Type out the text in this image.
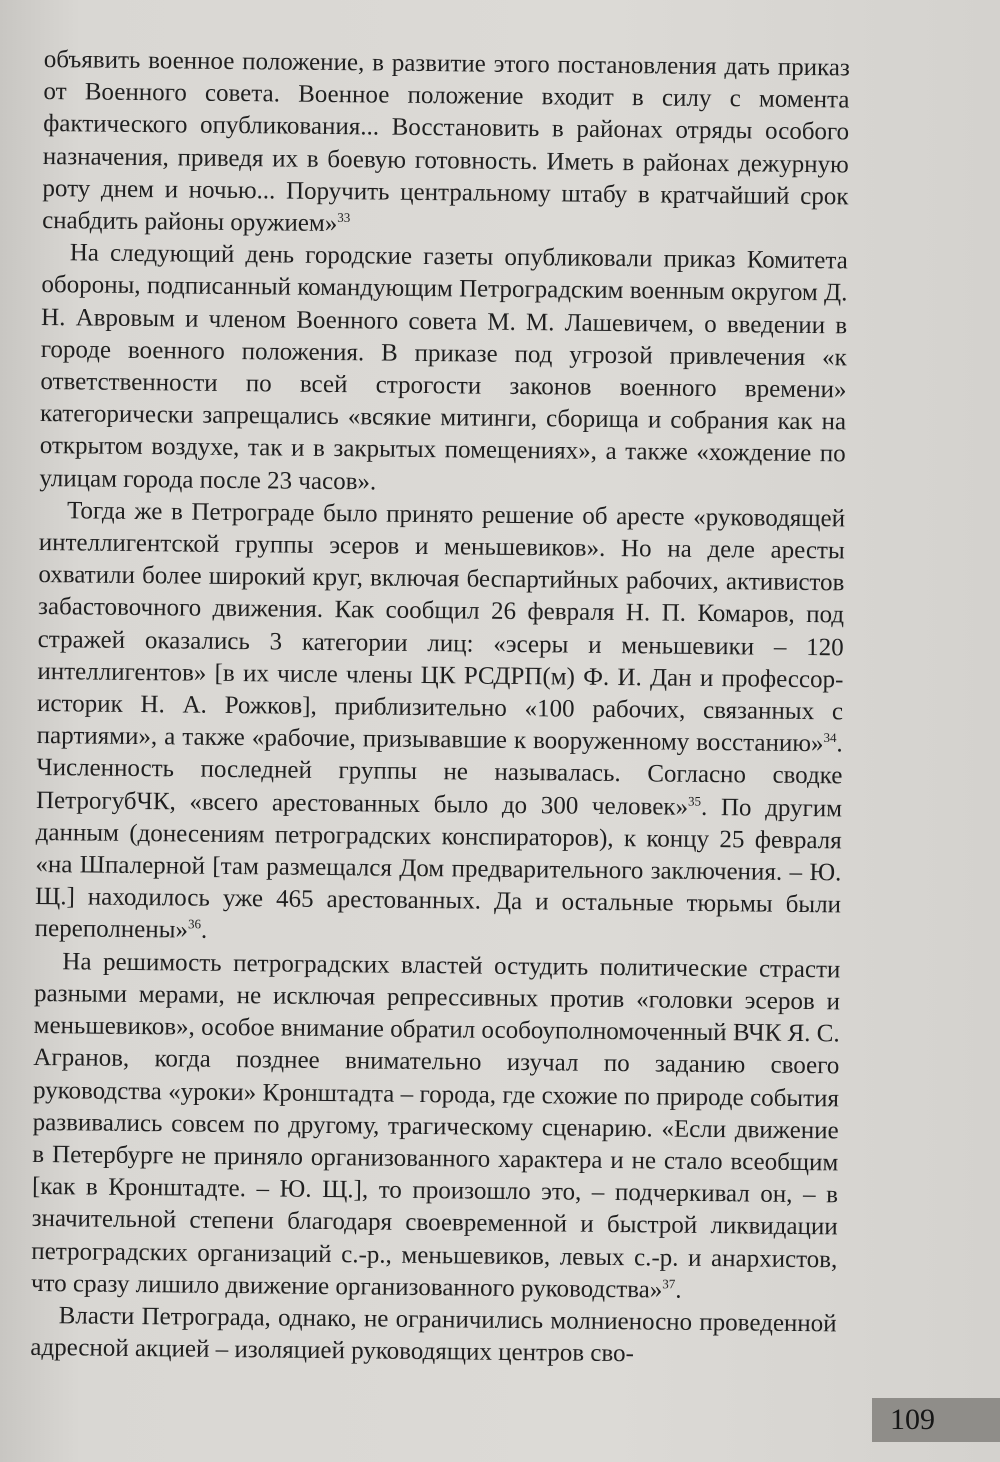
объявить военное положение, в развитие этого постановления дать приказ от Военного совета. Военное положение входит в силу с момента фактического опубликования... Восстановить в районах отряды особого назначения, приведя их в боевую готовность. Иметь в районах дежурную роту днем и ночью... Поручить центральному штабу в кратчайший срок снабдить районы оружием»$^{33}$

На следующий день городские газеты опубликовали приказ Комитета обороны, подписанный командующим Петроградским военным округом Д. Н. Авровым и членом Военного совета М. М. Лашевичем, о введении в городе военного положения. В приказе под угрозой привлечения «к ответственности по всей строгости законов военного времени» категорически запрещались «всякие митинги, сборища и собрания как на открытом воздухе, так и в закрытых помещениях», а также «хождение по улицам города после 23 часов».

Тогда же в Петрограде было принято решение об аресте «руководящей интеллигентской группы эсеров и меньшевиков». Но на деле аресты охватили более широкий круг, включая беспартийных рабочих, активистов забастовочного движения. Как сообщил 26 февраля Н. П. Комаров, под стражей оказались 3 категории лиц: «эсеры и меньшевики – 120 интеллигентов» [в их числе члены ЦК РСДРП(м) Ф. И. Дан и профессор-историк Н. А. Рожков], приблизительно «100 рабочих, связанных с партиями», а также «рабочие, призывавшие к вооруженному восстанию»$^{34}$. Численность последней группы не называлась. Согласно сводке ПетрогубЧК, «всего арестованных было до 300 человек»$^{35}$. По другим данным (донесениям петроградских конспираторов), к концу 25 февраля «на Шпалерной [там размещался Дом предварительного заключения. – Ю. Щ.] находилось уже 465 арестованных. Да и остальные тюрьмы были переполнены»$^{36}$.

На решимость петроградских властей остудить политические страсти разными мерами, не исключая репрессивных против «головки эсеров и меньшевиков», особое внимание обратил особоуполномоченный ВЧК Я. С. Агранов, когда позднее внимательно изучал по заданию своего руководства «уроки» Кронштадта – города, где схожие по природе события развивались совсем по другому, трагическому сценарию. «Если движение в Петербурге не приняло организованного характера и не стало всеобщим [как в Кронштадте. – Ю. Щ.], то произошло это, – подчеркивал он, – в значительной степени благодаря своевременной и быстрой ликвидации петроградских организаций с.-р., меньшевиков, левых с.-р. и анархистов, что сразу лишило движение организованного руководства»$^{37}$.

Власти Петрограда, однако, не ограничились молниеносно проведенной адресной акцией – изоляцией руководящих центров сво-

109
